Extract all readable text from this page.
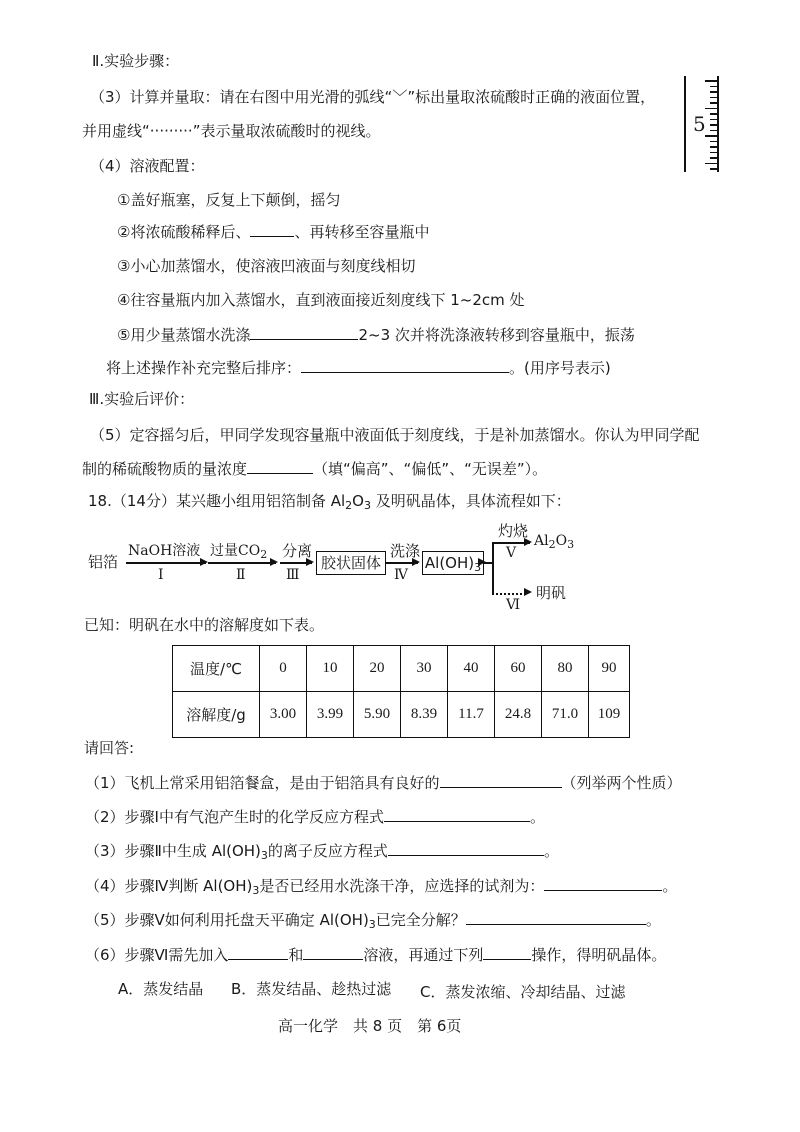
Ⅱ.实验步骤：
（3）计算并量取：请在右图中用光滑的弧线“﹀”标出量取浓硫酸时正确的液面位置，
并用虚线“·········”表示量取浓硫酸时的视线。	5
（4）溶液配置：
①盖好瓶塞，反复上下颠倒，摇匀
②将浓硫酸稀释后、	、再转移至容量瓶中
③小心加蒸馏水，使溶液凹液面与刻度线相切
④往容量瓶内加入蒸馏水，直到液面接近刻度线下 1~2cm 处
⑤用少量蒸馏水洗涤	2~3 次并将洗涤液转移到容量瓶中，振荡
将上述操作补充完整后排序：	。(用序号表示)
Ⅲ.实验后评价：
（5）定容摇匀后，甲同学发现容量瓶中液面低于刻度线，于是补加蒸馏水。你认为甲同学配
制的稀硫酸物质的量浓度	（填“偏高”、“偏低”、“无误差”）。
18.（14分）某兴趣小组用铝箔制备 $Al_2O_3$ 及明矾晶体，具体流程如下：
铝箔
NaOH溶液
Ⅰ
过量$CO_2$
Ⅱ
分离
Ⅲ
胶状固体
洗涤
Ⅳ
$Al(OH)_3$
灼烧
Ⅴ
$Al_2O_3$
Ⅵ
明矾
已知：明矾在水中的溶解度如下表。
温度/℃	0	10	20	30	40	60	80	90
溶解度/g	3.00	3.99	5.90	8.39	11.7	24.8	71.0	109
请回答:
（1）飞机上常采用铝箔餐盒，是由于铝箔具有良好的	（列举两个性质）
（2）步骤Ⅰ中有气泡产生时的化学反应方程式	。
（3）步骤Ⅱ中生成 $Al(OH)_3$的离子反应方程式	。
（4）步骤Ⅳ判断 $Al(OH)_3$是否已经用水洗涤干净，应选择的试剂为：	。
（5）步骤Ⅴ如何利用托盘天平确定 $Al(OH)_3$已完全分解？	。
（6）步骤Ⅵ需先加入	和	溶液，再通过下列	操作，得明矾晶体。
A．蒸发结晶 B．蒸发结晶、趁热过滤 C．蒸发浓缩、冷却结晶、过滤
高一化学　共 8 页　第 6页
